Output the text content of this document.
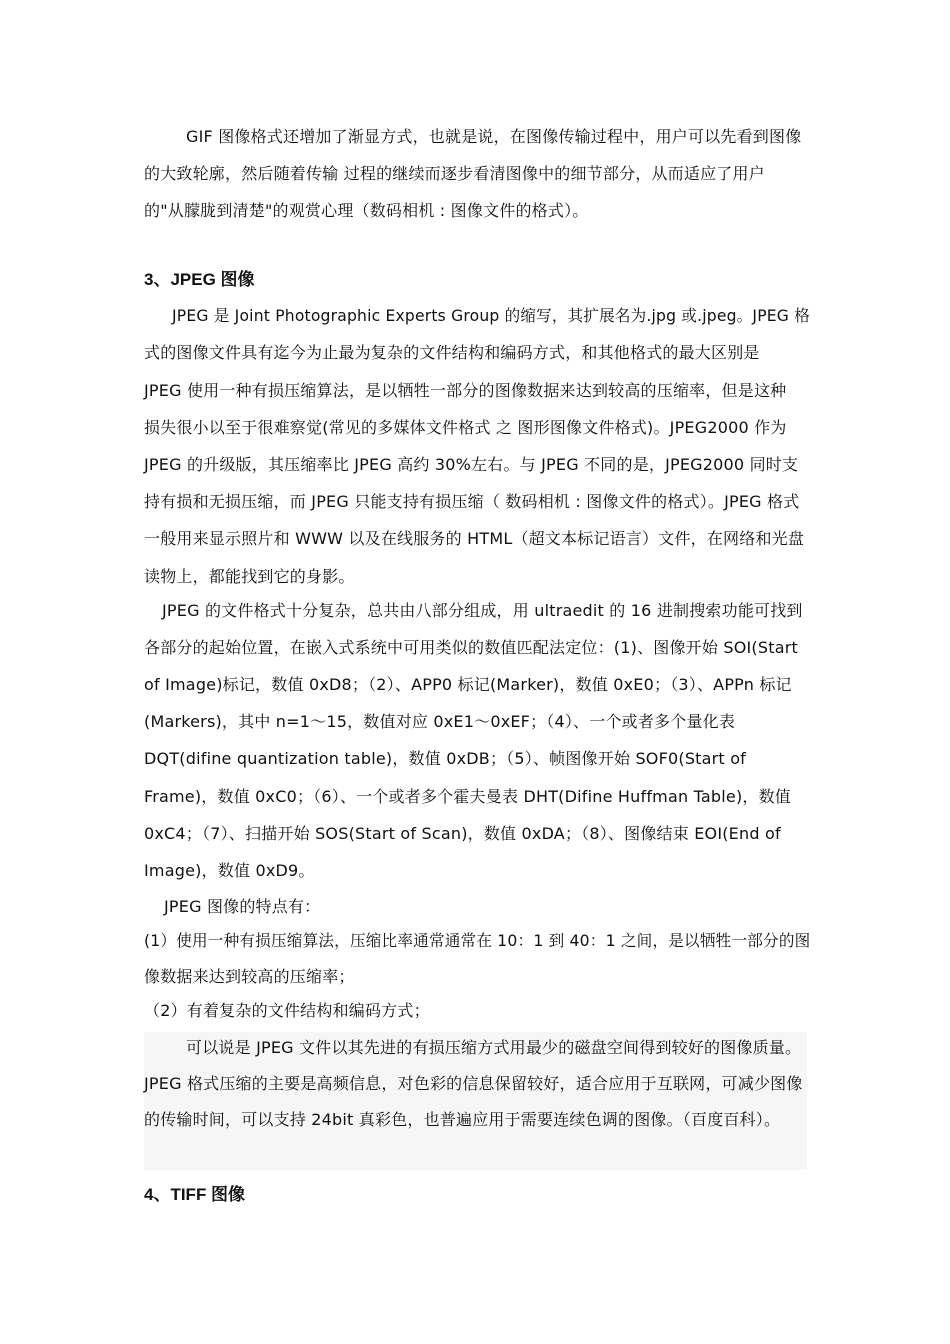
GIF 图像格式还增加了渐显方式，也就是说，在图像传输过程中，用户可以先看到图像
的大致轮廓，然后随着传输 过程的继续而逐步看清图像中的细节部分，从而适应了用户
的"从朦胧到清楚"的观赏心理（数码相机 : 图像文件的格式）。
3、JPEG 图像
JPEG 是 Joint Photographic Experts Group 的缩写，其扩展名为.jpg 或.jpeg。JPEG 格
式的图像文件具有迄今为止最为复杂的文件结构和编码方式，和其他格式的最大区别是
JPEG 使用一种有损压缩算法，是以牺牲一部分的图像数据来达到较高的压缩率，但是这种
损失很小以至于很难察觉(常见的多媒体文件格式 之 图形图像文件格式)。JPEG2000 作为
JPEG 的升级版，其压缩率比 JPEG 高约 30%左右。与 JPEG 不同的是，JPEG2000 同时支
持有损和无损压缩，而 JPEG 只能支持有损压缩（ 数码相机 : 图像文件的格式）。JPEG 格式
一般用来显示照片和 WWW 以及在线服务的 HTML（超文本标记语言）文件，在网络和光盘
读物上，都能找到它的身影。
JPEG 的文件格式十分复杂，总共由八部分组成，用 ultraedit 的 16 进制搜索功能可找到
各部分的起始位置，在嵌入式系统中可用类似的数值匹配法定位：(1)、图像开始 SOI(Start
of Image)标记，数值 0xD8；（2）、APP0 标记(Marker)，数值 0xE0；（3）、APPn 标记
(Markers)，其中 n=1～15，数值对应 0xE1～0xEF；（4）、一个或者多个量化表
DQT(difine quantization table)，数值 0xDB；（5）、帧图像开始 SOF0(Start of
Frame)，数值 0xC0；（6）、一个或者多个霍夫曼表 DHT(Difine Huffman Table)，数值
0xC4；（7）、扫描开始 SOS(Start of Scan)，数值 0xDA；（8）、图像结束 EOI(End of
Image)，数值 0xD9。
JPEG 图像的特点有：
(1）使用一种有损压缩算法，压缩比率通常通常在 10：1 到 40：1 之间，是以牺牲一部分的图
像数据来达到较高的压缩率；
（2）有着复杂的文件结构和编码方式；
可以说是 JPEG 文件以其先进的有损压缩方式用最少的磁盘空间得到较好的图像质量。
JPEG 格式压缩的主要是高频信息，对色彩的信息保留较好，适合应用于互联网，可减少图像
的传输时间，可以支持 24bit 真彩色，也普遍应用于需要连续色调的图像。（百度百科）。
4、TIFF 图像
